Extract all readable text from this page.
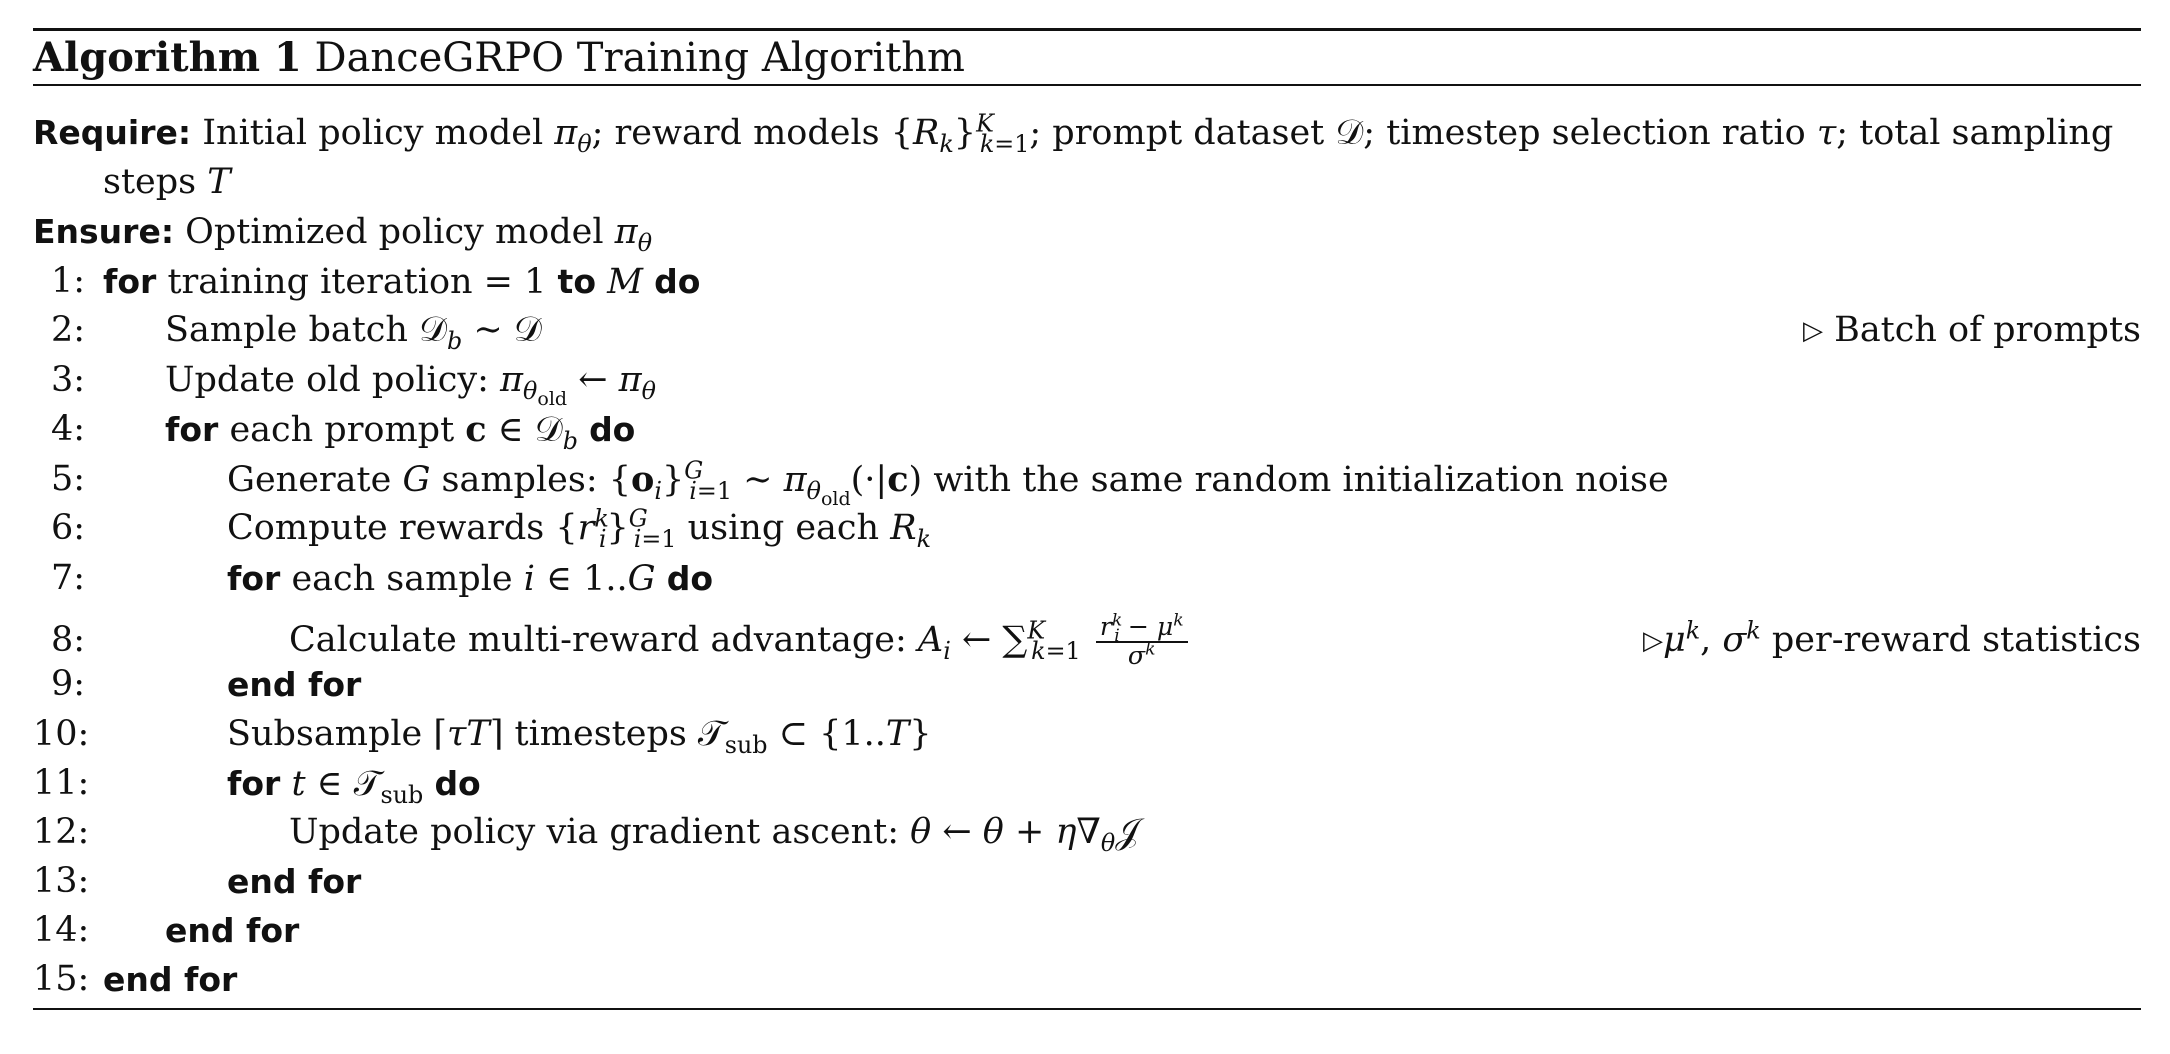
Algorithm 1 DanceGRPO Training Algorithm
Require: Initial policy model $\pi_\theta$; reward models $\{R_k\}^K_{k=1}$; prompt dataset 𝒟; timestep selection ratio τ; total sampling
steps T
Ensure: Optimized policy model $\pi_\theta$
1: for training iteration = 1 to M do
2: Sample batch 𝒟$_b$ ∼ 𝒟	▷ Batch of prompts
3: Update old policy: $\pi_{\theta_{old}}$ ← $\pi_\theta$
4: for each prompt c ∈ 𝒟$_b$ do
5:	Generate G samples: $\{o_i\}^G_{i=1}$ ∼ $\pi_{\theta_{old}}(\cdot|c)$ with the same random initialization noise
6:	Compute rewards $\{r^k_i\}^G_{i=1}$ using each $R_k$
7:	for each sample i ∈ 1..G do
8:	Calculate multi-reward advantage: $A_i$ ← $\sum^K_{k=1} \frac{r^k_i - \mu^k}{\sigma^k}$	$▷\mu^k$, $\sigma^k$ per-reward statistics
9:	end for
10:	Subsample ⌈τT⌉ timesteps 𝒯$_{sub}$ ⊂ {1..T}
11:	for t ∈ 𝒯$_{sub}$ do
12:	Update policy via gradient ascent: θ ← $\theta + \eta\nabla_\theta 𝒥$
13:	end for
14: end for
15: end for
